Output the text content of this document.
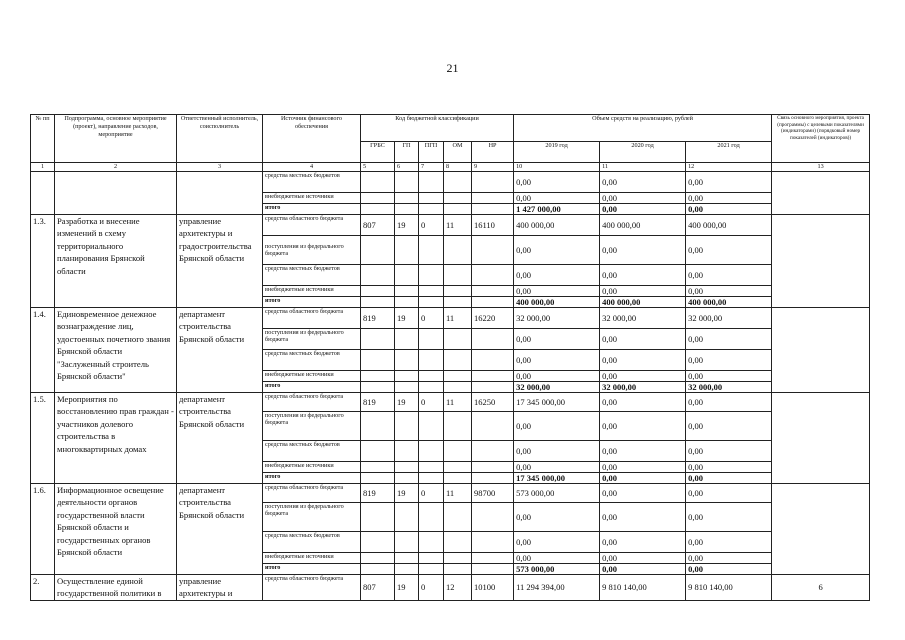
21
№ пп	Подпрограмма, основное мероприятие (проект), направление расходов, мероприятие	Ответственный исполнитель, соисполнитель	Источник финансового обеспечения	Код бюджетной классификации					Объем средств на реализацию, рублей			Связь основного мероприятия, проекта (программы) с целевыми показателями (индикаторами) (порядковый номер показателей (индикаторов))
				ГРБС	ГП	ПГП	ОМ	НР	2019 год	2020 год	2021 год	
1	2	3	4	5	6	7	8	9	10	11	12	13
			средства местных бюджетов						0,00	0,00	0,00	
			внебюджетные источники						0,00	0,00	0,00	
			итого						1 427 000,00	0,00	0,00	
1.3.	Разработка и внесение изменений в схему территориального планирования Брянской области	управление архитектуры и градостроительства Брянской области	средства областного бюджета	807	19	0	11	16110	400 000,00	400 000,00	400 000,00	
			поступления из федерального бюджета						0,00	0,00	0,00	
			средства местных бюджетов						0,00	0,00	0,00	
			внебюджетные источники						0,00	0,00	0,00	
			итого						400 000,00	400 000,00	400 000,00	
1.4.	Единовременное денежное вознаграждение лиц, удостоенных почетного звания Брянской области "Заслуженный строитель Брянской области"	департамент строительства Брянской области	средства областного бюджета	819	19	0	11	16220	32 000,00	32 000,00	32 000,00	
			поступления из федерального бюджета						0,00	0,00	0,00	
			средства местных бюджетов						0,00	0,00	0,00	
			внебюджетные источники						0,00	0,00	0,00	
			итого						32 000,00	32 000,00	32 000,00	
1.5.	Мероприятия по восстановлению прав граждан - участников долевого строительства в многоквартирных домах	департамент строительства Брянской области	средства областного бюджета	819	19	0	11	16250	17 345 000,00	0,00	0,00	
			поступления из федерального бюджета						0,00	0,00	0,00	
			средства местных бюджетов						0,00	0,00	0,00	
			внебюджетные источники						0,00	0,00	0,00	
			итого						17 345 000,00	0,00	0,00	
1.6.	Информационное освещение деятельности органов государственной власти Брянской области и государственных органов Брянской области	департамент строительства Брянской области	средства областного бюджета	819	19	0	11	98700	573 000,00	0,00	0,00	
			поступления из федерального бюджета						0,00	0,00	0,00	
			средства местных бюджетов						0,00	0,00	0,00	
			внебюджетные источники						0,00	0,00	0,00	
			итого						573 000,00	0,00	0,00	
2.	Осуществление единой государственной политики в	управление архитектуры и	средства областного бюджета	807	19	0	12	10100	11 294 394,00	9 810 140,00	9 810 140,00	6
